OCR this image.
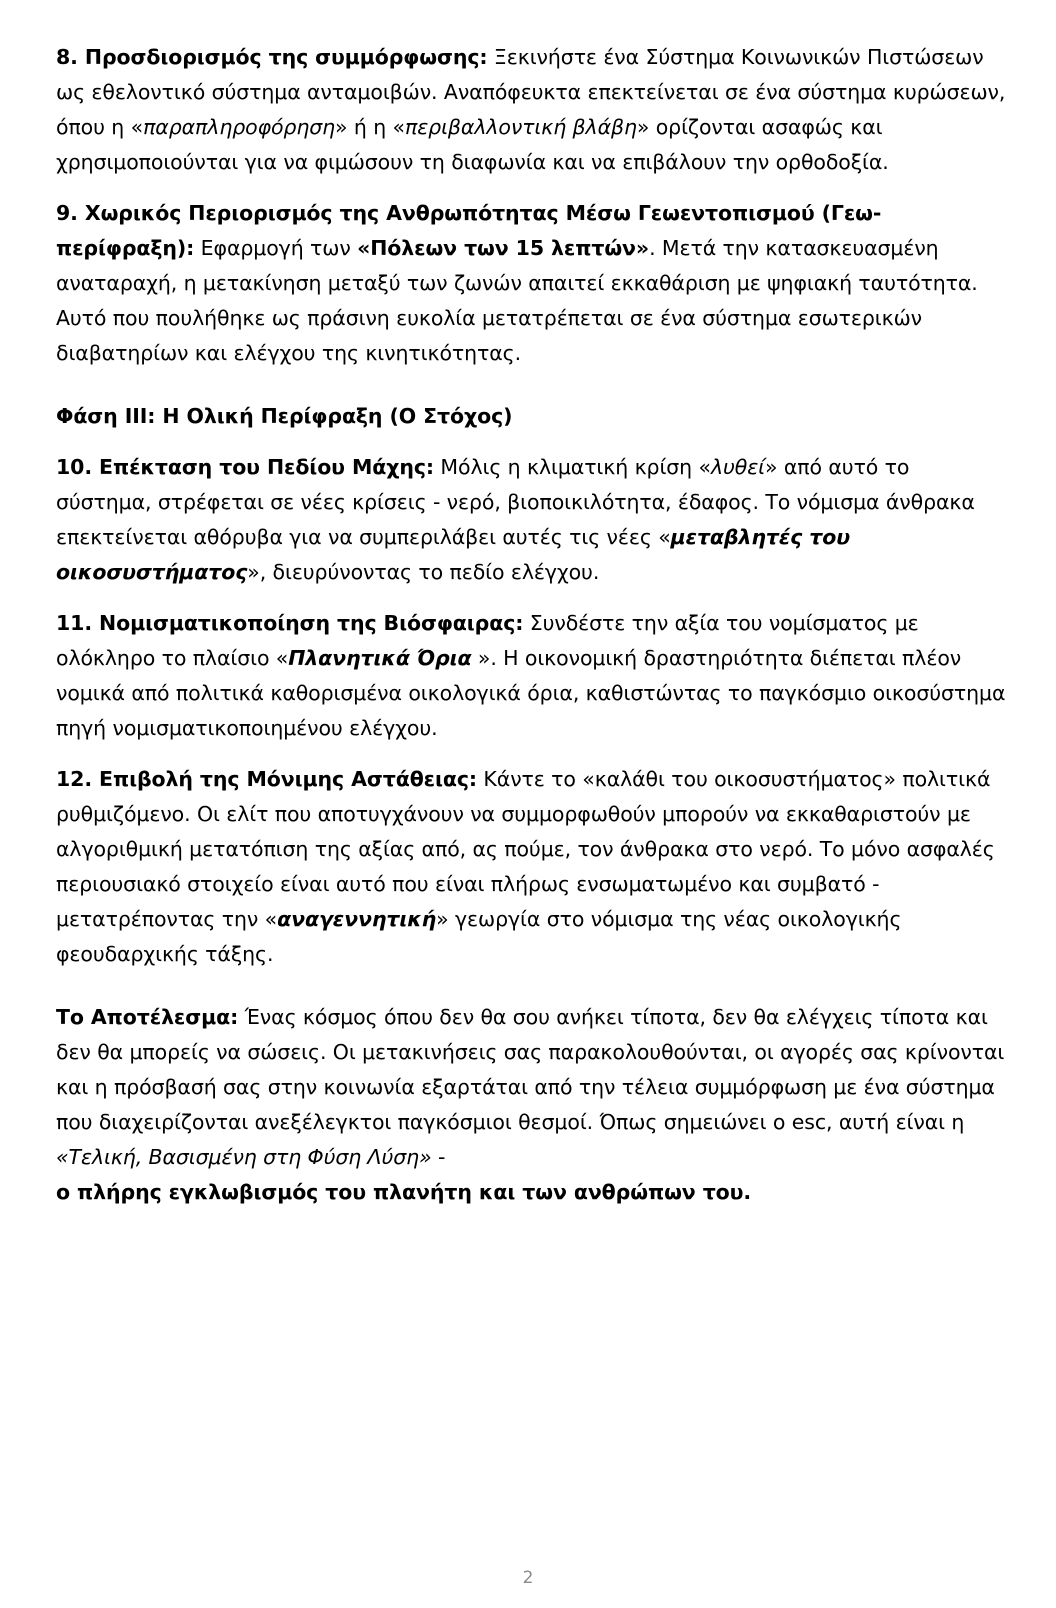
8. Προσδιορισμός της συμμόρφωσης: Ξεκινήστε ένα Σύστημα Κοινωνικών Πιστώσεων ως εθελοντικό σύστημα ανταμοιβών. Αναπόφευκτα επεκτείνεται σε ένα σύστημα κυρώσεων, όπου η «παραπληροφόρηση» ή η «περιβαλλοντική βλάβη» ορίζονται ασαφώς και χρησιμοποιούνται για να φιμώσουν τη διαφωνία και να επιβάλουν την ορθοδοξία.

9. Χωρικός Περιορισμός της Ανθρωπότητας Μέσω Γεωεντοπισμού (Γεω-περίφραξη): Εφαρμογή των «Πόλεων των 15 λεπτών». Μετά την κατασκευασμένη αναταραχή, η μετακίνηση μεταξύ των ζωνών απαιτεί εκκαθάριση με ψηφιακή ταυτότητα. Αυτό που πουλήθηκε ως πράσινη ευκολία μετατρέπεται σε ένα σύστημα εσωτερικών διαβατηρίων και ελέγχου της κινητικότητας.

Φάση III: Η Ολική Περίφραξη (Ο Στόχος)

10. Επέκταση του Πεδίου Μάχης: Μόλις η κλιματική κρίση «λυθεί» από αυτό το σύστημα, στρέφεται σε νέες κρίσεις - νερό, βιοποικιλότητα, έδαφος. Το νόμισμα άνθρακα επεκτείνεται αθόρυβα για να συμπεριλάβει αυτές τις νέες «μεταβλητές του οικοσυστήματος», διευρύνοντας το πεδίο ελέγχου.

11. Νομισματικοποίηση της Βιόσφαιρας: Συνδέστε την αξία του νομίσματος με ολόκληρο το πλαίσιο «Πλανητικά Όρια ». Η οικονομική δραστηριότητα διέπεται πλέον νομικά από πολιτικά καθορισμένα οικολογικά όρια, καθιστώντας το παγκόσμιο οικοσύστημα πηγή νομισματικοποιημένου ελέγχου.

12. Επιβολή της Μόνιμης Αστάθειας: Κάντε το «καλάθι του οικοσυστήματος» πολιτικά ρυθμιζόμενο. Οι ελίτ που αποτυγχάνουν να συμμορφωθούν μπορούν να εκκαθαριστούν με αλγοριθμική μετατόπιση της αξίας από, ας πούμε, τον άνθρακα στο νερό. Το μόνο ασφαλές περιουσιακό στοιχείο είναι αυτό που είναι πλήρως ενσωματωμένο και συμβατό - μετατρέποντας την «αναγεννητική» γεωργία στο νόμισμα της νέας οικολογικής φεουδαρχικής τάξης.

Το Αποτέλεσμα: Ένας κόσμος όπου δεν θα σου ανήκει τίποτα, δεν θα ελέγχεις τίποτα και δεν θα μπορείς να σώσεις. Οι μετακινήσεις σας παρακολουθούνται, οι αγορές σας κρίνονται και η πρόσβασή σας στην κοινωνία εξαρτάται από την τέλεια συμμόρφωση με ένα σύστημα που διαχειρίζονται ανεξέλεγκτοι παγκόσμιοι θεσμοί. Όπως σημειώνει ο esc, αυτή είναι η «Τελική, Βασισμένη στη Φύση Λύση» -
ο πλήρης εγκλωβισμός του πλανήτη και των ανθρώπων του.

2
